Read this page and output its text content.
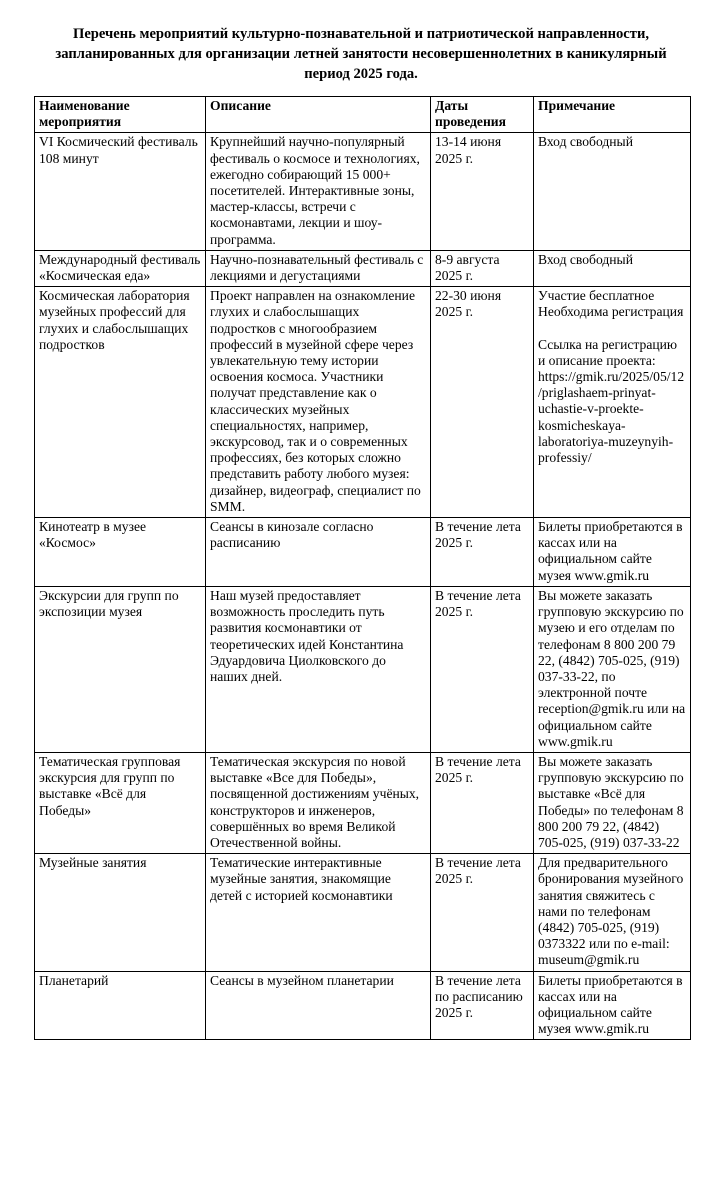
Перечень мероприятий культурно-познавательной и патриотической направленности,
запланированных для организации летней занятости несовершеннолетних в каникулярный
период 2025 года.
Наименование мероприятия	Описание	Даты проведения	Примечание
VI Космический фестиваль 108 минут	Крупнейший научно-популярный фестиваль о космосе и технологиях, ежегодно собирающий 15 000+ посетителей. Интерактивные зоны, мастер-классы, встречи с космонавтами, лекции и шоу-программа.	13-14 июня 2025 г.	Вход свободный
Международный фестиваль «Космическая еда»	Научно-познавательный фестиваль с лекциями и дегустациями	8-9 августа 2025 г.	Вход свободный
Космическая лаборатория музейных профессий для глухих и слабослышащих подростков	Проект направлен на ознакомление глухих и слабослышащих подростков с многообразием профессий в музейной сфере через увлекательную тему истории освоения космоса. Участники получат представление как о классических музейных специальностях, например, экскурсовод, так и о современных профессиях, без которых сложно представить работу любого музея: дизайнер, видеограф, специалист по SMM.	22-30 июня 2025 г.	Участие бесплатное Необходима регистрация
Ссылка на регистрацию и описание проекта: https://gmik.ru/2025/05/12/priglashaem-prinyat-uchastie-v-proekte-kosmicheskaya-laboratoriya-muzeynyih-professiy/

Кинотеатр в музее «Космос»	Сеансы в кинозале согласно расписанию	В течение лета 2025 г.	Билеты приобретаются в кассах или на официальном сайте музея www.gmik.ru
Экскурсии для групп по экспозиции музея	Наш музей предоставляет возможность проследить путь развития космонавтики от теоретических идей Константина Эдуардовича Циолковского до наших дней.	В течение лета 2025 г.	Вы можете заказать групповую экскурсию по музею и его отделам по телефонам 8 800 200 79 22, (4842) 705-025, (919) 037-33-22, по электронной почте reception@gmik.ru или на официальном сайте www.gmik.ru
Тематическая групповая экскурсия для групп по выставке «Всё для Победы»	Тематическая экскурсия по новой выставке «Все для Победы», посвященной достижениям учёных, конструкторов и инженеров, совершённых во время Великой Отечественной войны.	В течение лета 2025 г.	Вы можете заказать групповую экскурсию по выставке «Всё для Победы» по телефонам 8 800 200 79 22, (4842) 705-025, (919) 037-33-22
Музейные занятия	Тематические интерактивные музейные занятия, знакомящие детей с историей космонавтики	В течение лета 2025 г.	Для предварительного бронирования музейного занятия свяжитесь с нами по телефонам (4842) 705-025, (919) 0373322 или по e-mail: museum@gmik.ru
Планетарий	Сеансы в музейном планетарии	В течение лета по расписанию 2025 г.	Билеты приобретаются в кассах или на официальном сайте музея www.gmik.ru
